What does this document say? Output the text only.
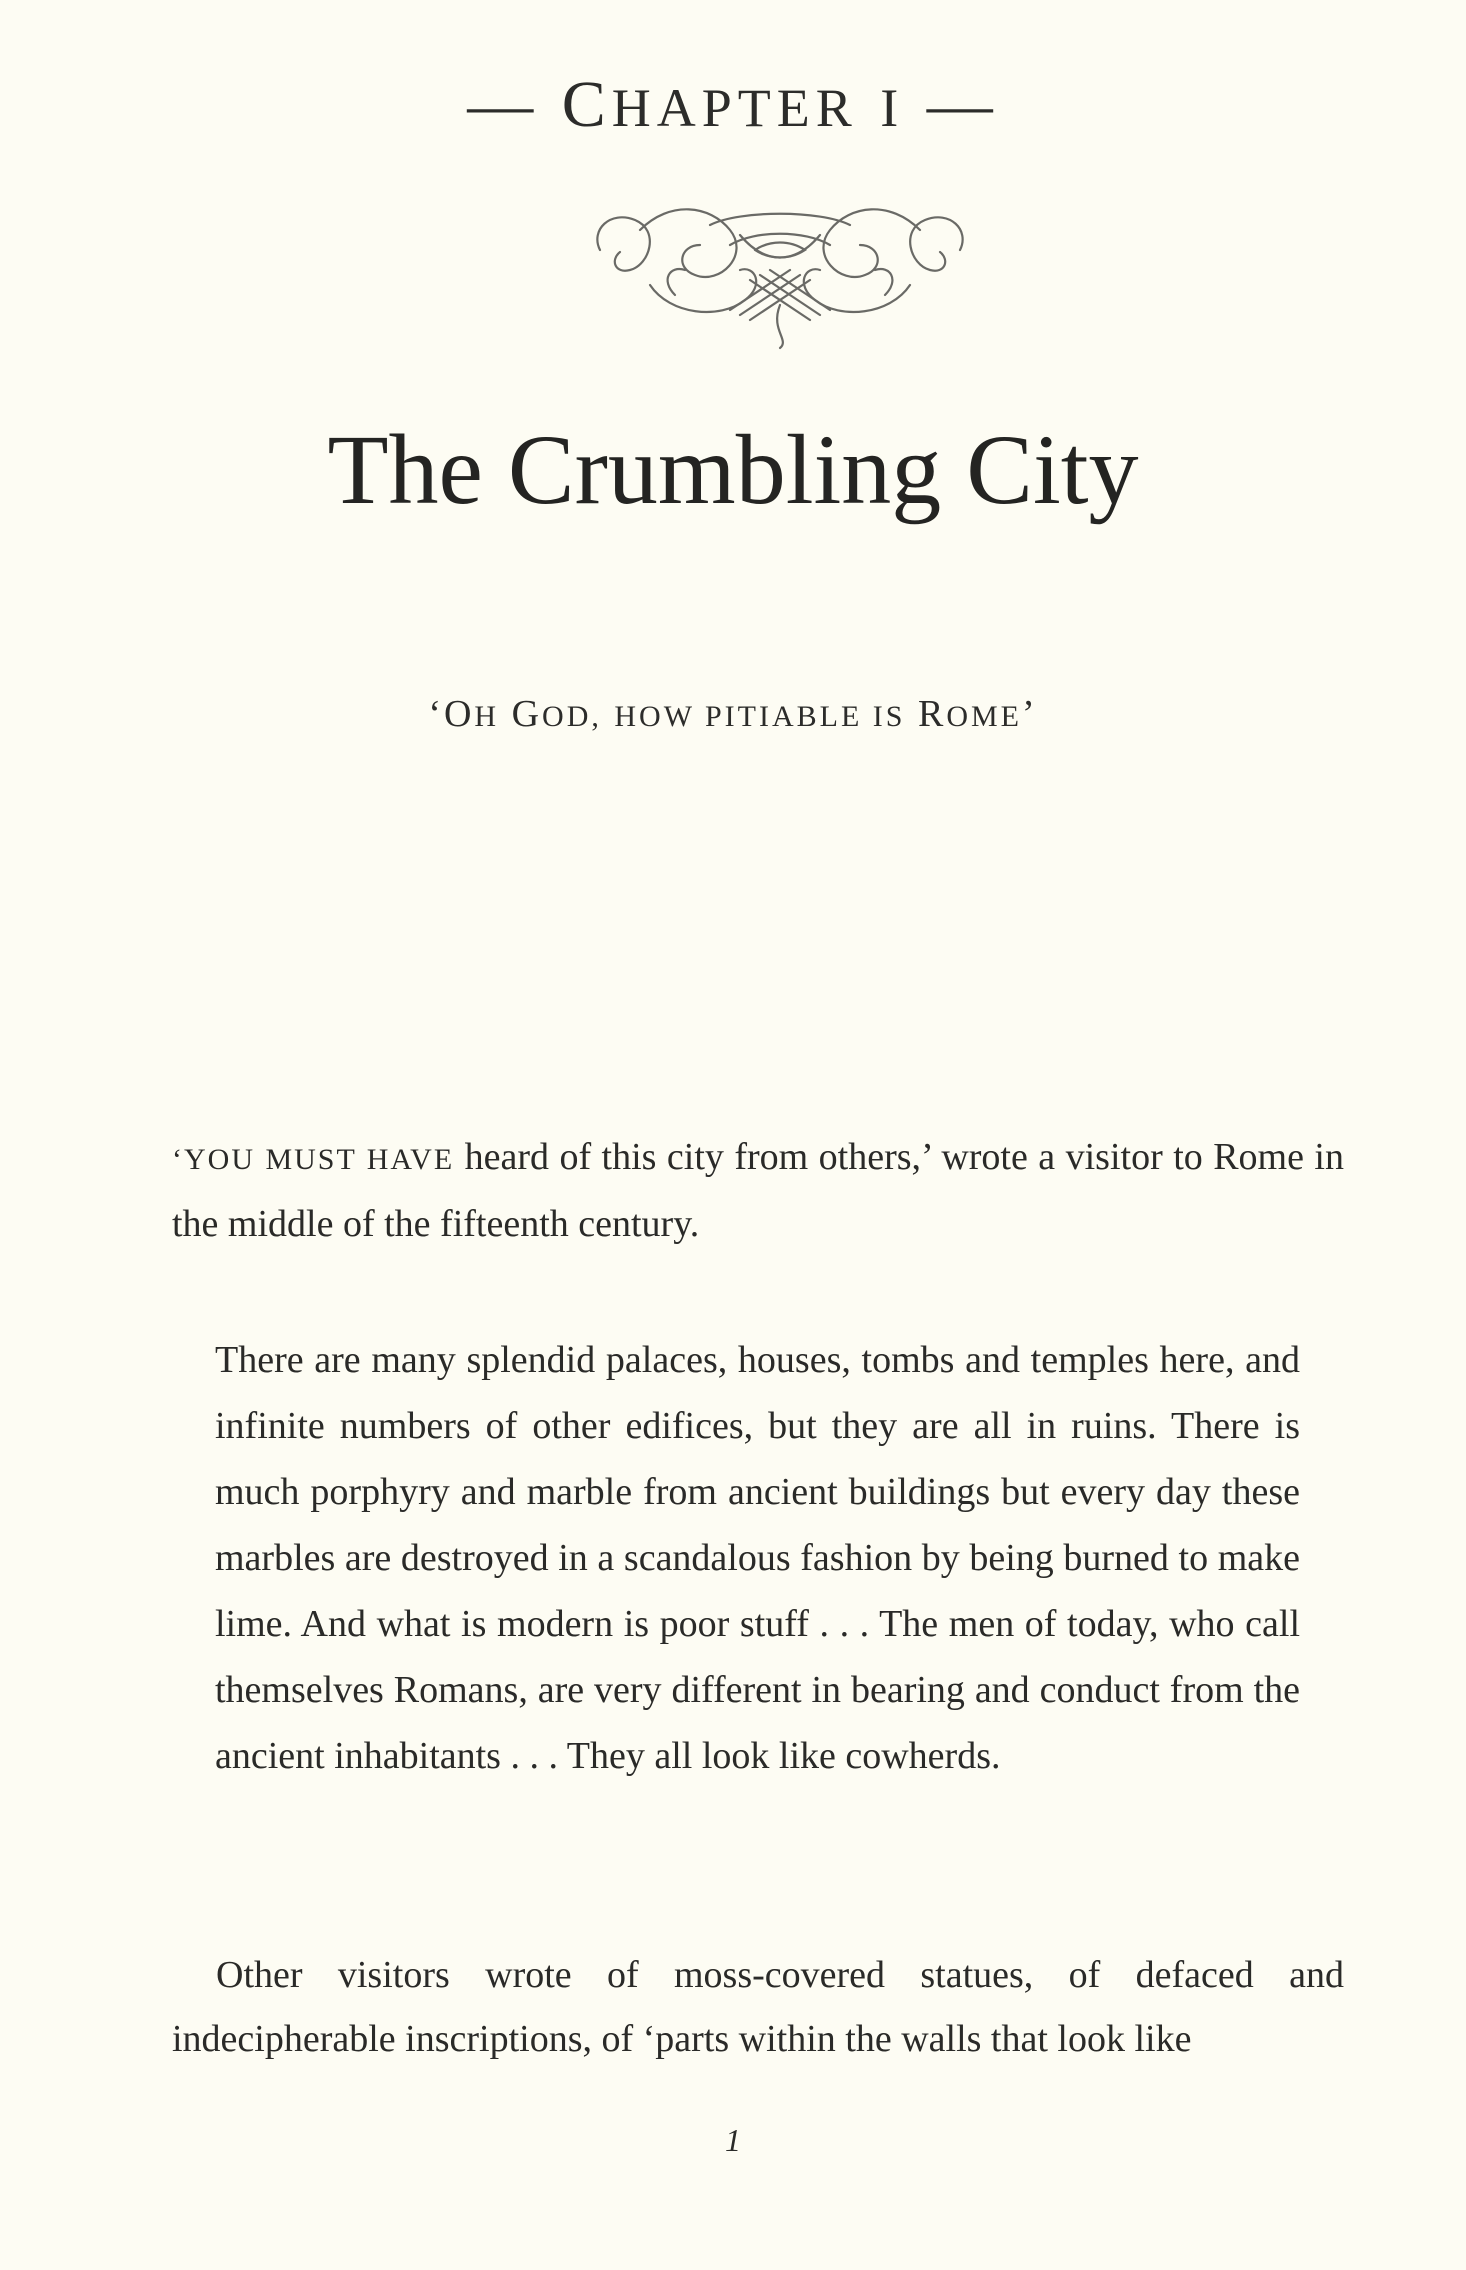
— CHAPTER I —
The Crumbling City

‘OH GOD, HOW PITIABLE IS ROME’

‘YOU MUST HAVE heard of this city from others,’ wrote a visitor to Rome in the middle of the fifteenth century.

There are many splendid palaces, houses, tombs and temples here, and infinite numbers of other edifices, but they are all in ruins. There is much porphyry and marble from ancient buildings but every day these marbles are destroyed in a scandalous fashion by being burned to make lime. And what is modern is poor stuff . . . The men of today, who call themselves Romans, are very different in bearing and conduct from the ancient inhabitants . . . They all look like cowherds.

Other visitors wrote of moss-covered statues, of defaced and indecipherable inscriptions, of ‘parts within the walls that look like

1
